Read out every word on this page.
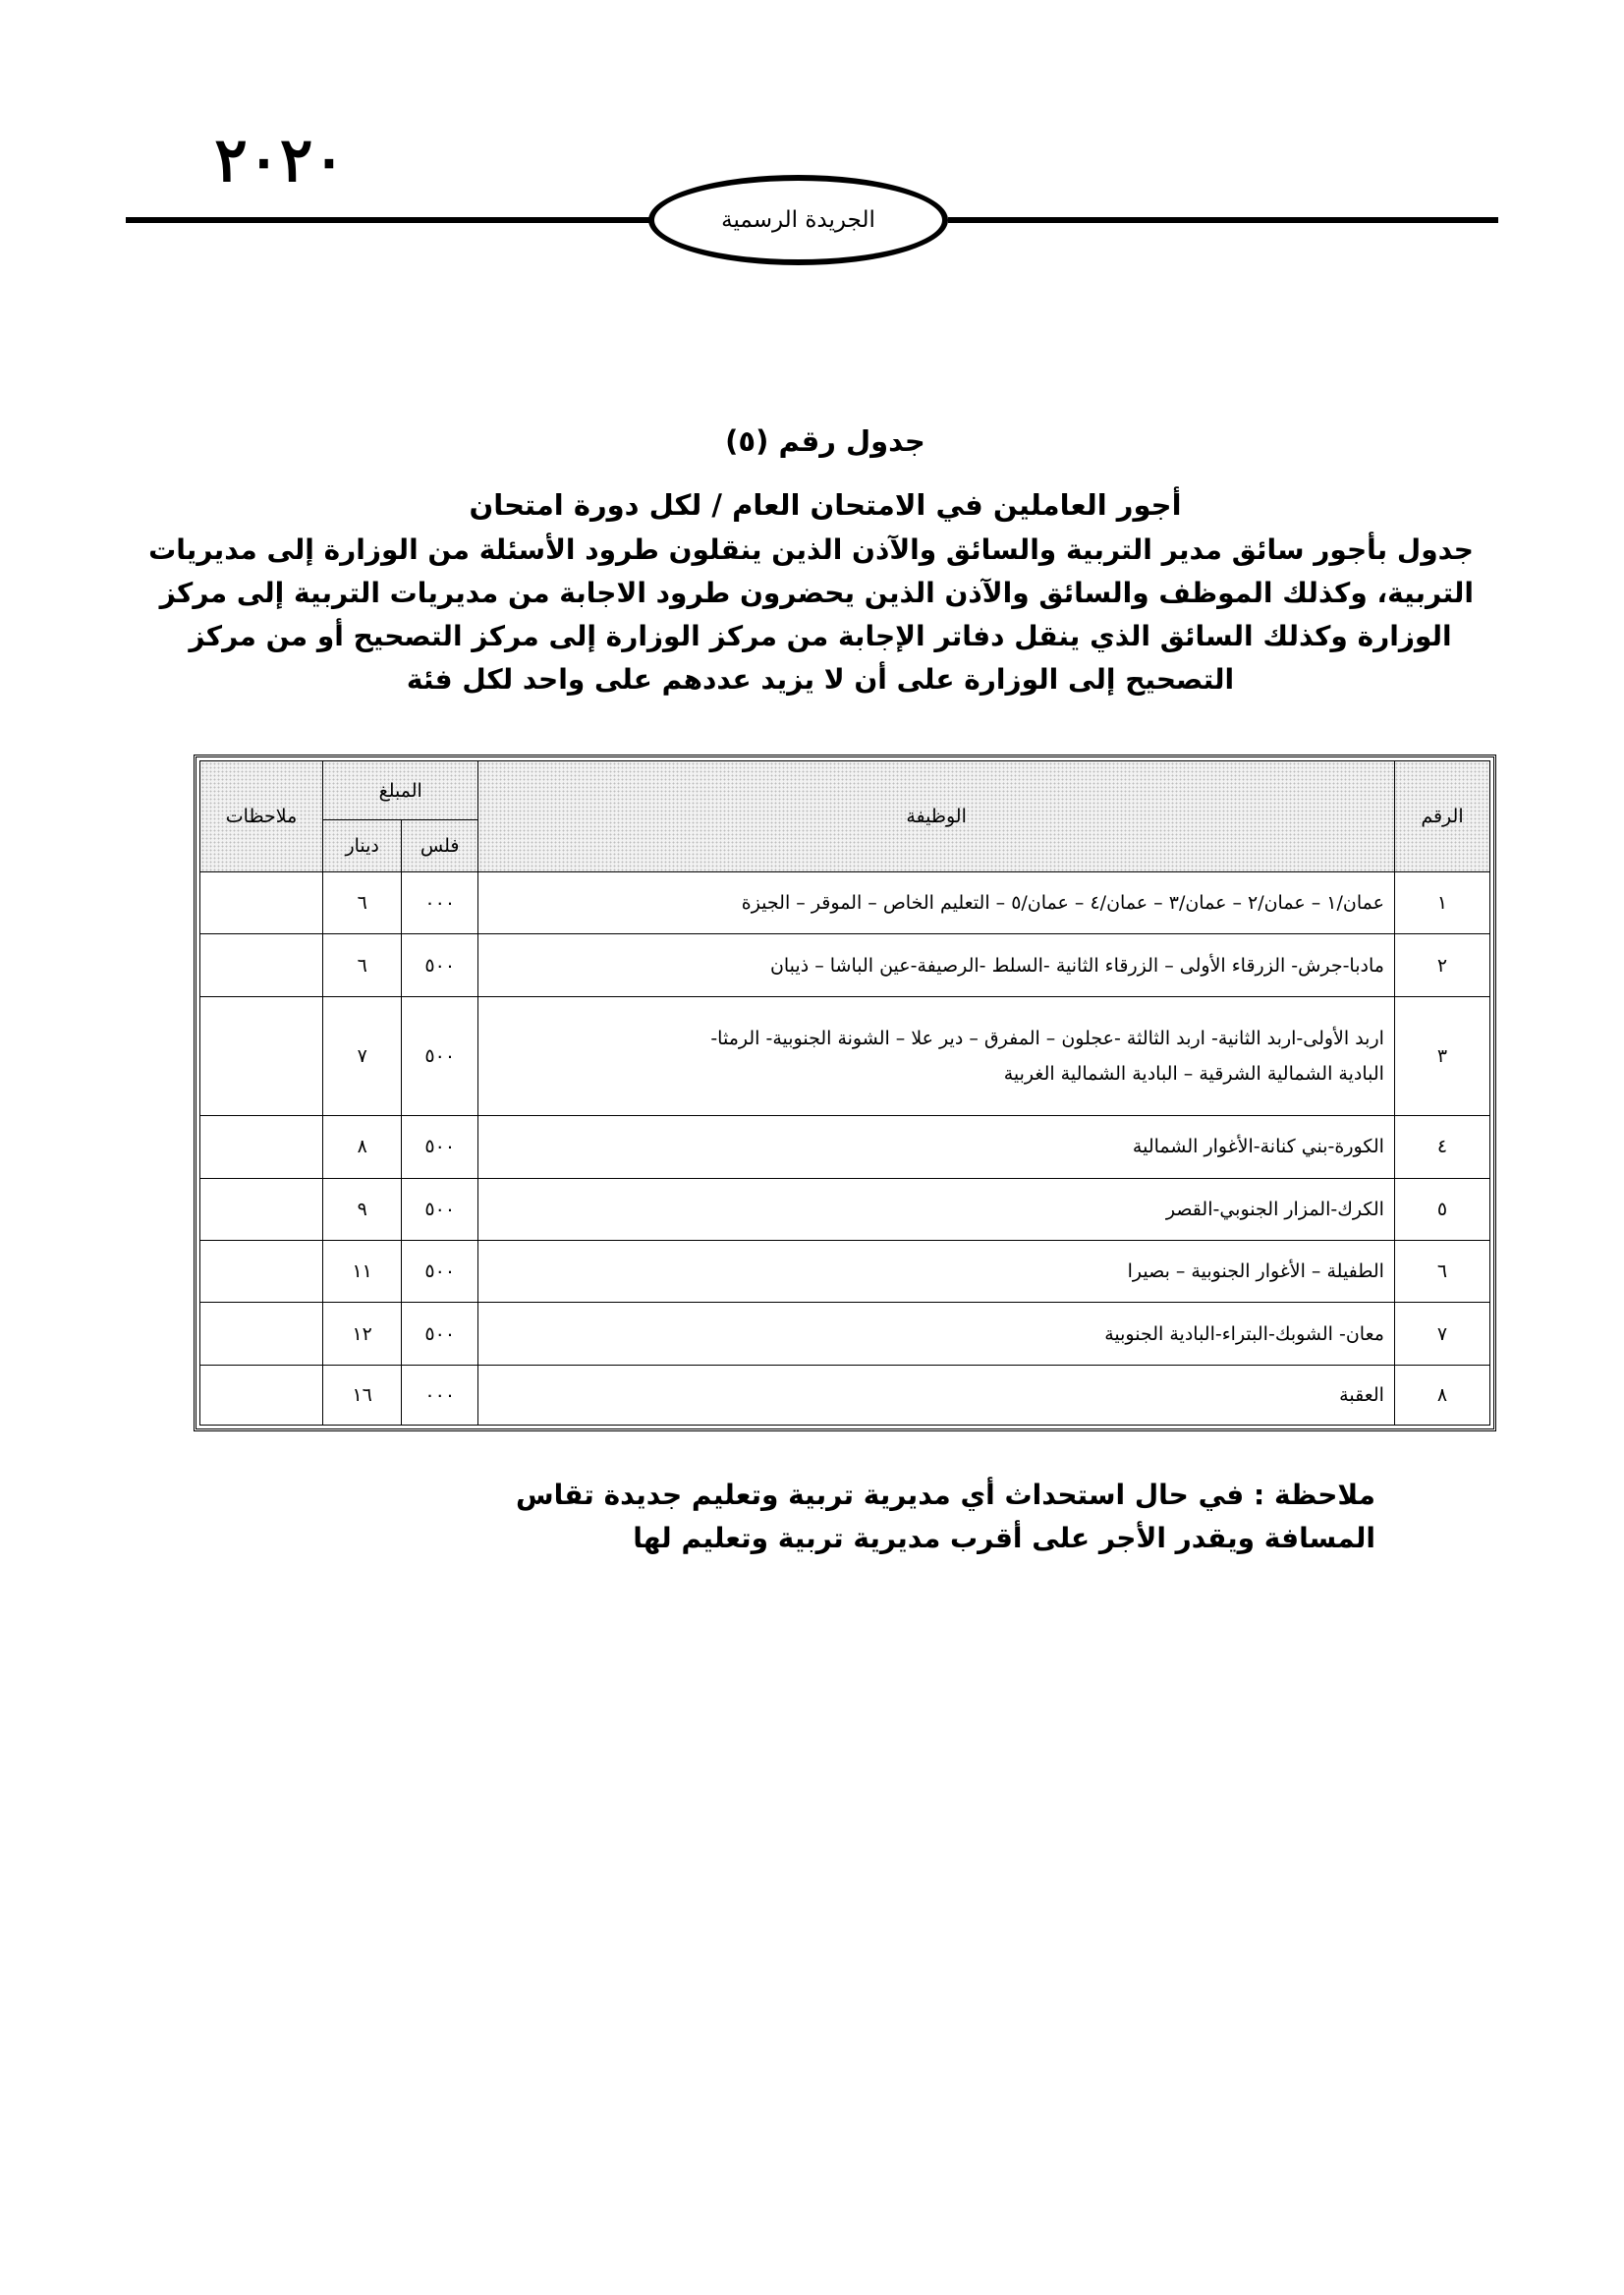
٢٠٢٠
الجريدة الرسمية
جدول رقم (٥)
أجور العاملين في الامتحان العام / لكل دورة امتحان
جدول بأجور سائق مدير التربية والسائق والآذن الذين ينقلون طرود الأسئلة من الوزارة إلى مديريات
التربية، وكذلك الموظف والسائق والآذن الذين يحضرون طرود الاجابة من مديريات التربية إلى مركز
الوزارة وكذلك السائق الذي ينقل دفاتر الإجابة من مركز الوزارة إلى مركز التصحيح أو من مركز
التصحيح إلى الوزارة على أن لا يزيد عددهم على واحد لكل فئة
الرقم	الوظيفة	المبلغ		ملاحظات
		فلس	دينار	
١	عمان/١ – عمان/٢ – عمان/٣ – عمان/٤ – عمان/٥ – التعليم الخاص – الموقر – الجيزة	٠٠٠	٦	
٢	مادبا-جرش- الزرقاء الأولى – الزرقاء الثانية -السلط -الرصيفة-عين الباشا – ذيبان	٥٠٠	٦	
٣	اربد الأولى-اربد الثانية- اربد الثالثة -عجلون – المفرق – دير علا – الشونة الجنوبية- الرمثا-
البادية الشمالية الشرقية – البادية الشمالية الغربية	٥٠٠	٧	
٤	الكورة-بني كنانة-الأغوار الشمالية	٥٠٠	٨	
٥	الكرك-المزار الجنوبي-القصر	٥٠٠	٩	
٦	الطفيلة – الأغوار الجنوبية – بصيرا	٥٠٠	١١	
٧	معان- الشوبك-البتراء-البادية الجنوبية	٥٠٠	١٢	
٨	العقبة	٠٠٠	١٦	
ملاحظة : في حال استحداث أي مديرية تربية وتعليم جديدة تقاس
المسافة ويقدر الأجر على أقرب مديرية تربية وتعليم لها
